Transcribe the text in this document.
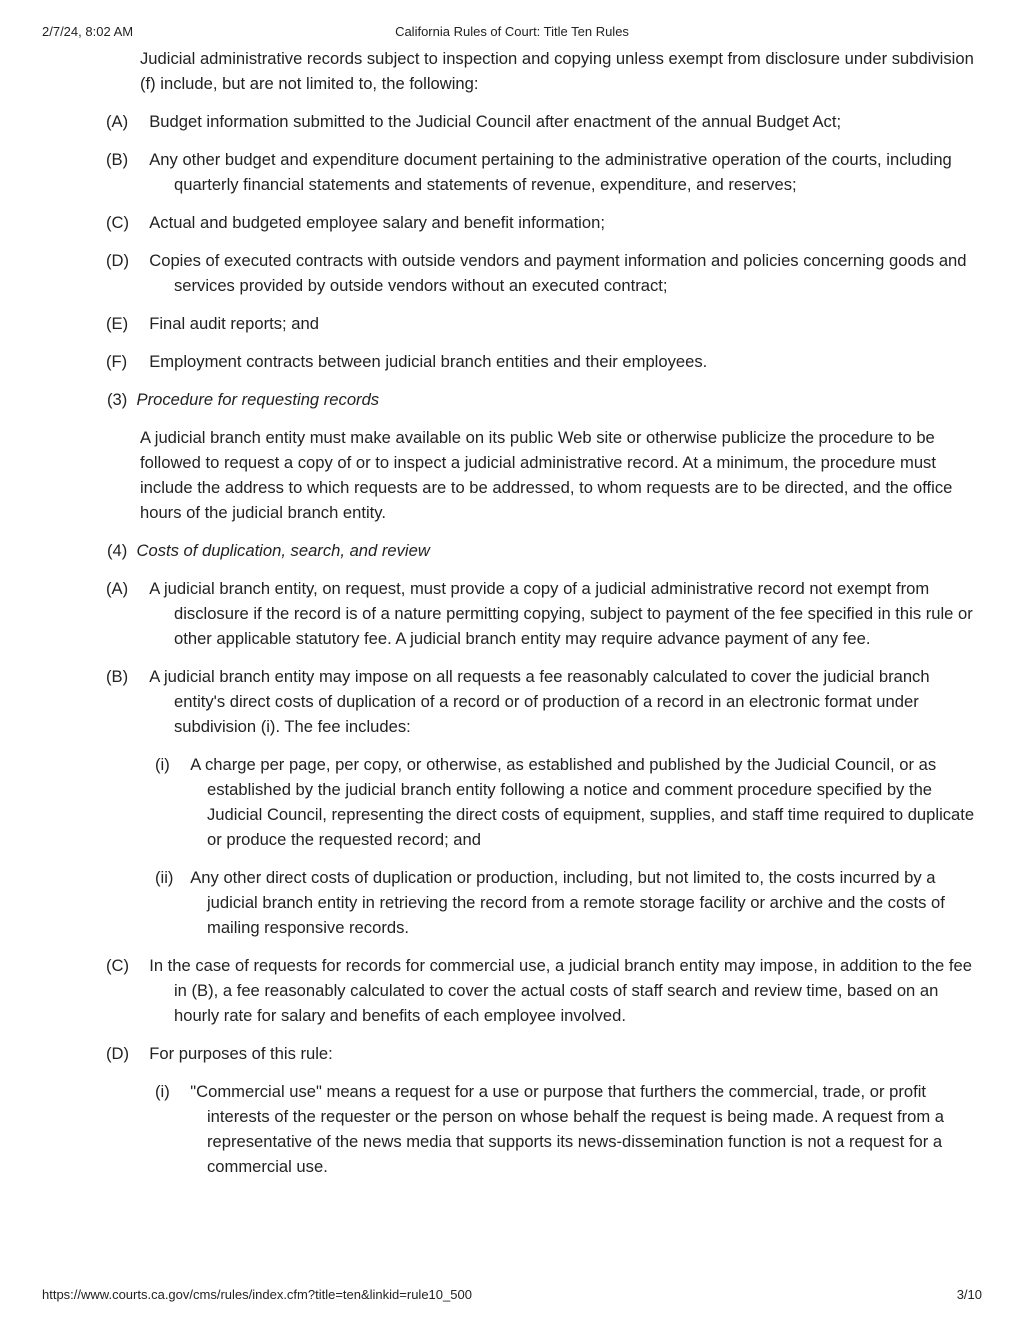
2/7/24, 8:02 AM	California Rules of Court: Title Ten Rules

Judicial administrative records subject to inspection and copying unless exempt from disclosure under subdivision (f) include, but are not limited to, the following:

(A) Budget information submitted to the Judicial Council after enactment of the annual Budget Act;

(B) Any other budget and expenditure document pertaining to the administrative operation of the courts, including quarterly financial statements and statements of revenue, expenditure, and reserves;

(C) Actual and budgeted employee salary and benefit information;

(D) Copies of executed contracts with outside vendors and payment information and policies concerning goods and services provided by outside vendors without an executed contract;

(E) Final audit reports; and

(F) Employment contracts between judicial branch entities and their employees.

(3) Procedure for requesting records

A judicial branch entity must make available on its public Web site or otherwise publicize the procedure to be followed to request a copy of or to inspect a judicial administrative record. At a minimum, the procedure must include the address to which requests are to be addressed, to whom requests are to be directed, and the office hours of the judicial branch entity.

(4) Costs of duplication, search, and review

(A) A judicial branch entity, on request, must provide a copy of a judicial administrative record not exempt from disclosure if the record is of a nature permitting copying, subject to payment of the fee specified in this rule or other applicable statutory fee. A judicial branch entity may require advance payment of any fee.

(B) A judicial branch entity may impose on all requests a fee reasonably calculated to cover the judicial branch entity's direct costs of duplication of a record or of production of a record in an electronic format under subdivision (i). The fee includes:

(i) A charge per page, per copy, or otherwise, as established and published by the Judicial Council, or as established by the judicial branch entity following a notice and comment procedure specified by the Judicial Council, representing the direct costs of equipment, supplies, and staff time required to duplicate or produce the requested record; and

(ii) Any other direct costs of duplication or production, including, but not limited to, the costs incurred by a judicial branch entity in retrieving the record from a remote storage facility or archive and the costs of mailing responsive records.

(C) In the case of requests for records for commercial use, a judicial branch entity may impose, in addition to the fee in (B), a fee reasonably calculated to cover the actual costs of staff search and review time, based on an hourly rate for salary and benefits of each employee involved.

(D) For purposes of this rule:

(i) "Commercial use" means a request for a use or purpose that furthers the commercial, trade, or profit interests of the requester or the person on whose behalf the request is being made. A request from a representative of the news media that supports its news-dissemination function is not a request for a commercial use.

https://www.courts.ca.gov/cms/rules/index.cfm?title=ten&linkid=rule10_500	3/10
